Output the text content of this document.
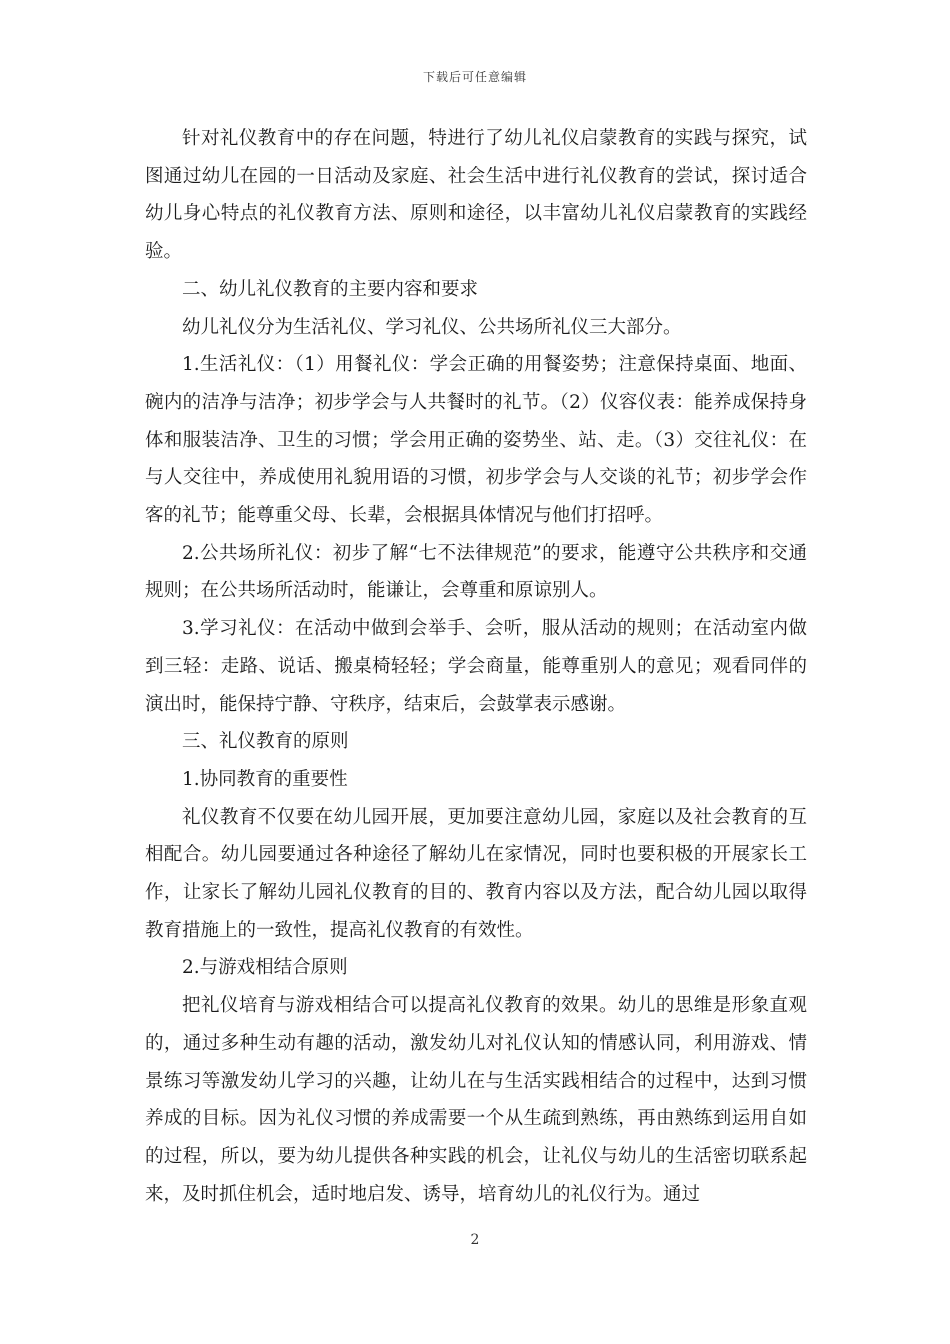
下载后可任意编辑

针对礼仪教育中的存在问题，特进行了幼儿礼仪启蒙教育的实践与探究，试图通过幼儿在园的一日活动及家庭、社会生活中进行礼仪教育的尝试，探讨适合幼儿身心特点的礼仪教育方法、原则和途径，以丰富幼儿礼仪启蒙教育的实践经验。

二、幼儿礼仪教育的主要内容和要求

幼儿礼仪分为生活礼仪、学习礼仪、公共场所礼仪三大部分。

1.生活礼仪：（1）用餐礼仪：学会正确的用餐姿势；注意保持桌面、地面、碗内的洁净与洁净；初步学会与人共餐时的礼节。（2）仪容仪表：能养成保持身体和服装洁净、卫生的习惯；学会用正确的姿势坐、站、走。（3）交往礼仪：在与人交往中，养成使用礼貌用语的习惯，初步学会与人交谈的礼节；初步学会作客的礼节；能尊重父母、长辈，会根据具体情况与他们打招呼。

2.公共场所礼仪：初步了解“七不法律规范”的要求，能遵守公共秩序和交通规则；在公共场所活动时，能谦让，会尊重和原谅别人。

3.学习礼仪：在活动中做到会举手、会听，服从活动的规则；在活动室内做到三轻：走路、说话、搬桌椅轻轻；学会商量，能尊重别人的意见；观看同伴的演出时，能保持宁静、守秩序，结束后，会鼓掌表示感谢。

三、礼仪教育的原则

1.协同教育的重要性

礼仪教育不仅要在幼儿园开展，更加要注意幼儿园，家庭以及社会教育的互相配合。幼儿园要通过各种途径了解幼儿在家情况，同时也要积极的开展家长工作，让家长了解幼儿园礼仪教育的目的、教育内容以及方法，配合幼儿园以取得教育措施上的一致性，提高礼仪教育的有效性。

2.与游戏相结合原则

把礼仪培育与游戏相结合可以提高礼仪教育的效果。幼儿的思维是形象直观的，通过多种生动有趣的活动，激发幼儿对礼仪认知的情感认同，利用游戏、情景练习等激发幼儿学习的兴趣，让幼儿在与生活实践相结合的过程中，达到习惯养成的目标。因为礼仪习惯的养成需要一个从生疏到熟练，再由熟练到运用自如的过程，所以，要为幼儿提供各种实践的机会，让礼仪与幼儿的生活密切联系起来，及时抓住机会，适时地启发、诱导，培育幼儿的礼仪行为。通过

2
